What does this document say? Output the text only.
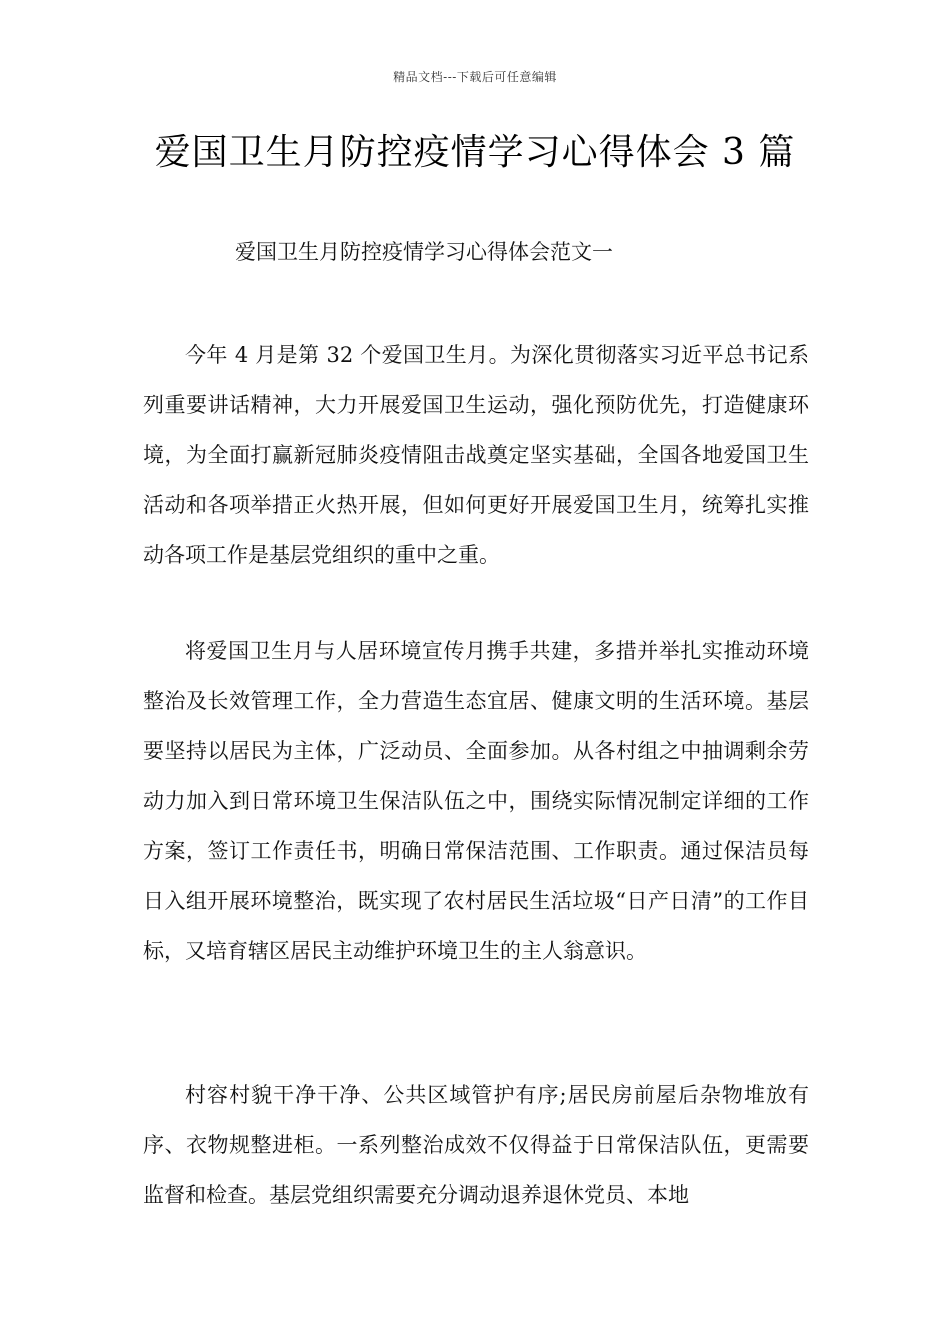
精品文档---下载后可任意编辑
爱国卫生月防控疫情学习心得体会 3 篇
爱国卫生月防控疫情学习心得体会范文一

今年 4 月是第 32 个爱国卫生月。为深化贯彻落实习近平总书记系列重要讲话精神，大力开展爱国卫生运动，强化预防优先，打造健康环境，为全面打赢新冠肺炎疫情阻击战奠定坚实基础，全国各地爱国卫生活动和各项举措正火热开展，但如何更好开展爱国卫生月，统筹扎实推动各项工作是基层党组织的重中之重。

将爱国卫生月与人居环境宣传月携手共建，多措并举扎实推动环境整治及长效管理工作，全力营造生态宜居、健康文明的生活环境。基层要坚持以居民为主体，广泛动员、全面参加。从各村组之中抽调剩余劳动力加入到日常环境卫生保洁队伍之中，围绕实际情况制定详细的工作方案，签订工作责任书，明确日常保洁范围、工作职责。通过保洁员每日入组开展环境整治，既实现了农村居民生活垃圾“日产日清”的工作目标，又培育辖区居民主动维护环境卫生的主人翁意识。

村容村貌干净干净、公共区域管护有序;居民房前屋后杂物堆放有序、衣物规整进柜。一系列整治成效不仅得益于日常保洁队伍，更需要监督和检查。基层党组织需要充分调动退养退休党员、本地
